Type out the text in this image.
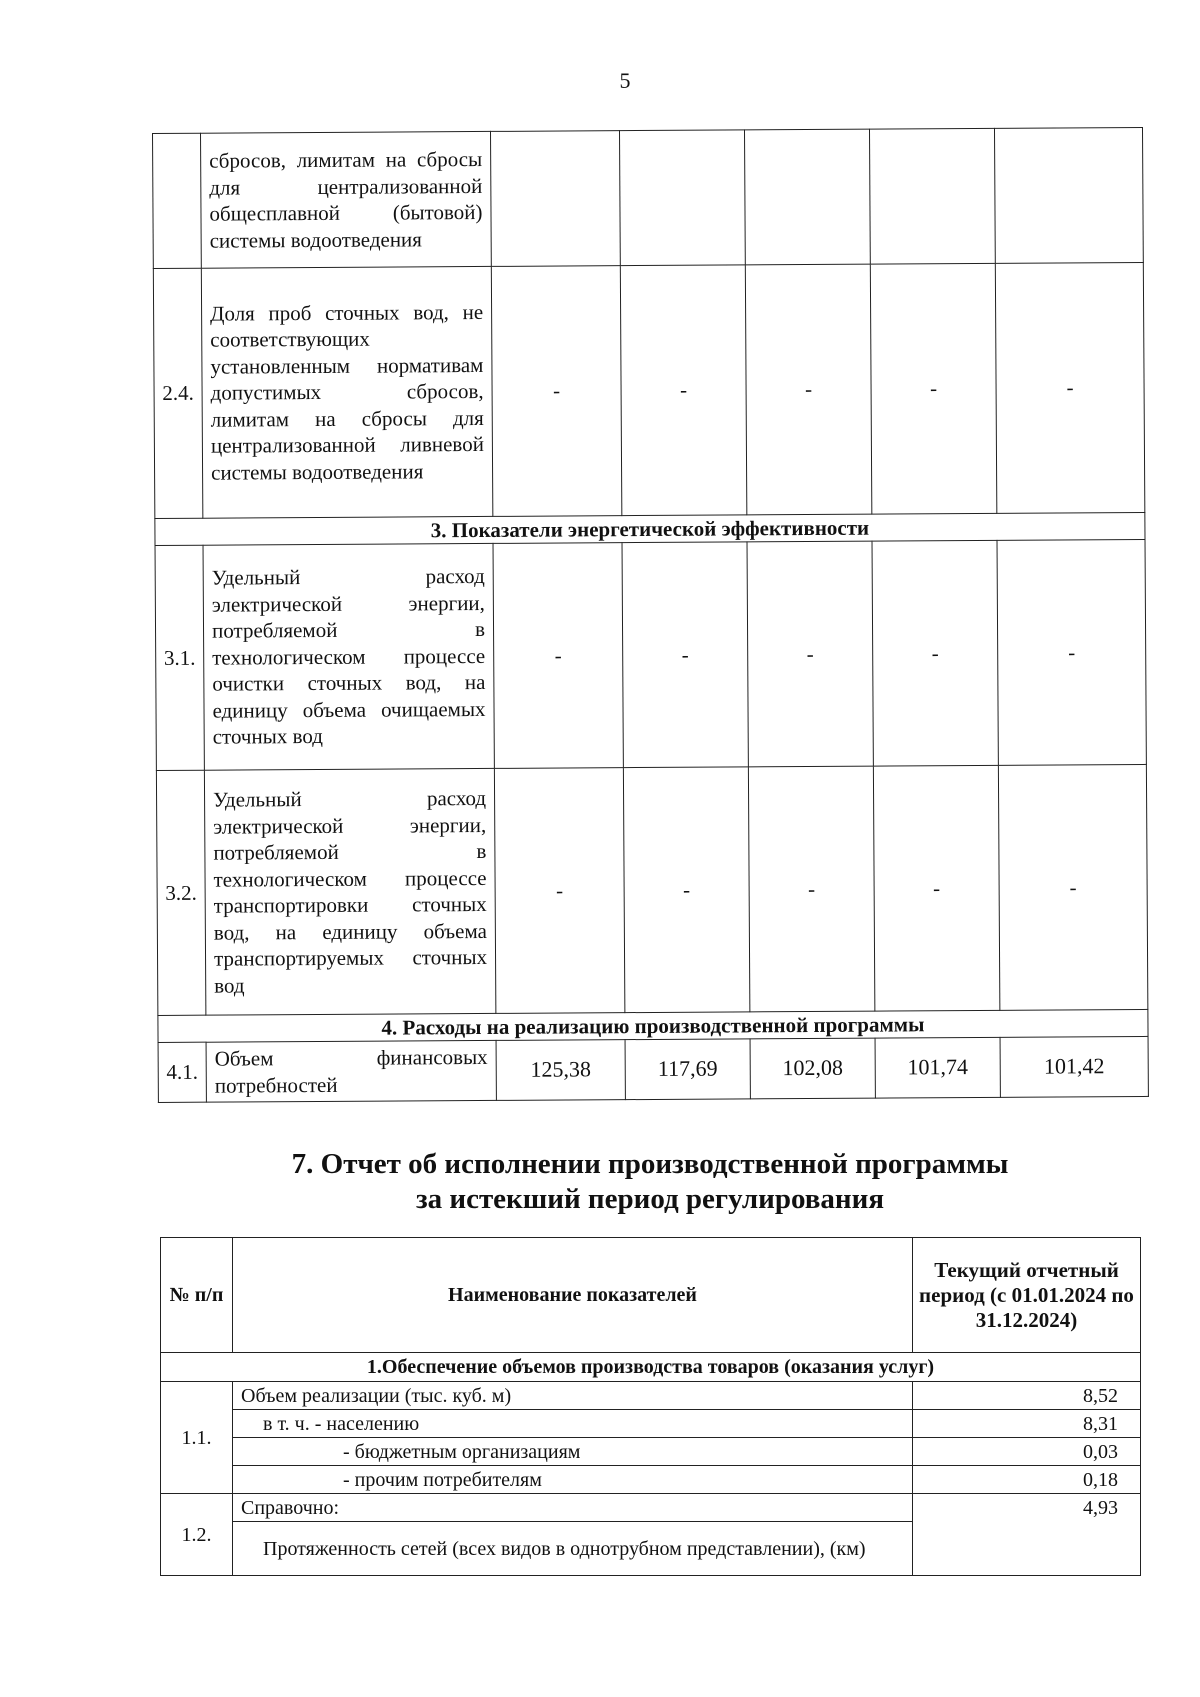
5
	сбросов, лимитам на сбросы для централизованной общесплавной (бытовой) системы водоотведения					
2.4.	Доля проб сточных вод, не соответствующих установленным нормативам допустимых сбросов, лимитам на сбросы для централизованной ливневой системы водоотведения	-	-	-	-	-
3. Показатели энергетической эффективности						
3.1.	Удельный расход электрической энергии, потребляемой в технологическом процессе очистки сточных вод, на единицу объема очищаемых сточных вод	-	-	-	-	-
3.2.	Удельный расход электрической энергии, потребляемой в технологическом процессе транспортировки сточных вод, на единицу объема транспортируемых сточных вод	-	-	-	-	-
4. Расходы на реализацию производственной программы						
4.1.	Объем финансовых потребностей	125,38	117,69	102,08	101,74	101,42
7. Отчет об исполнении производственной программы
за истекший период регулирования
№ п/п	Наименование показателей	Текущий отчетный период (с 01.01.2024 по 31.12.2024)
1.Обеспечение объемов производства товаров (оказания услуг)		
1.1.	Объем реализации (тыс. куб. м)	8,52
	в т. ч. - населению	8,31
	- бюджетным организациям	0,03
	- прочим потребителям	0,18
1.2.	Справочно:	4,93
	Протяженность сетей (всех видов в однотрубном представлении), (км)	
